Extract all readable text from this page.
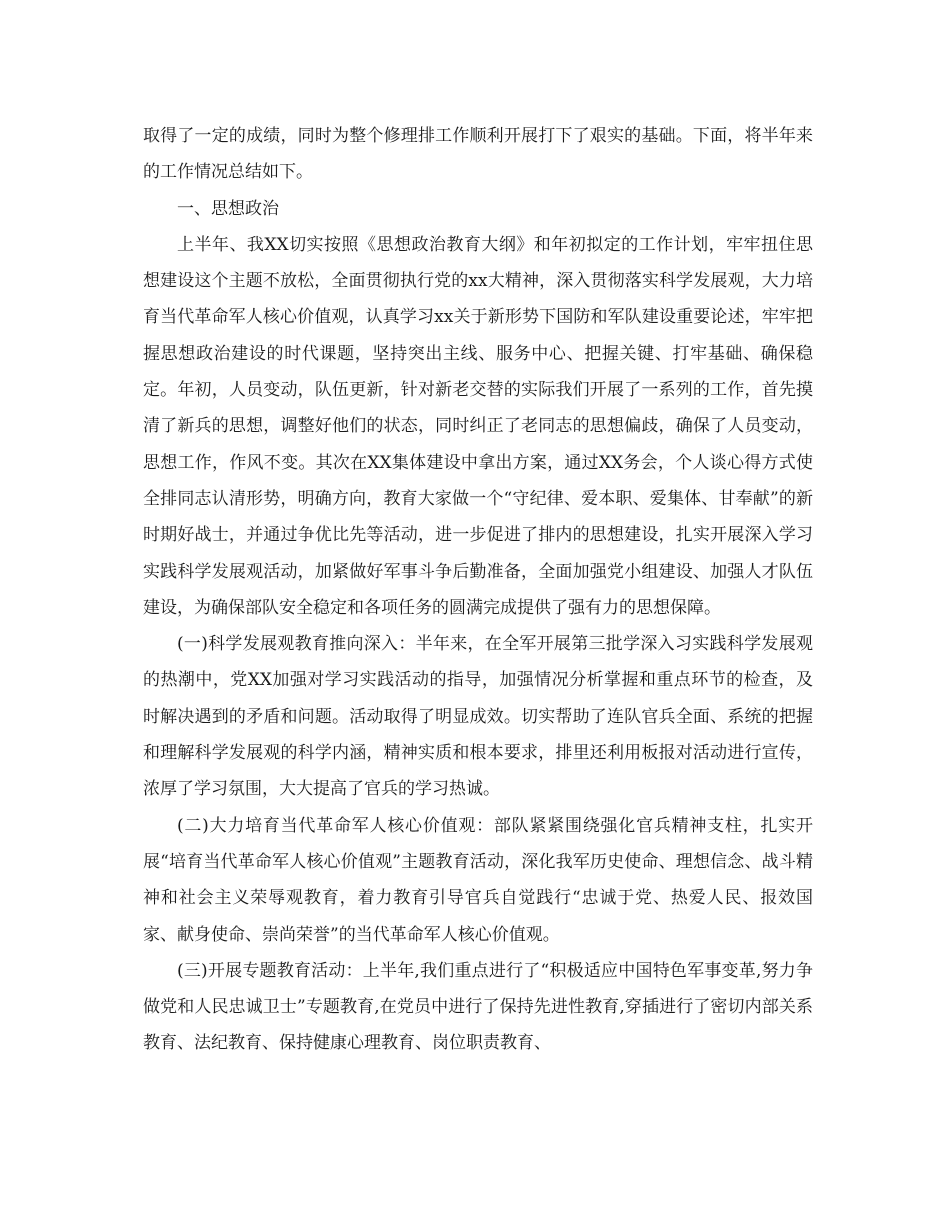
取得了一定的成绩，同时为整个修理排工作顺利开展打下了艰实的基础。下面，将半年来的工作情况总结如下。

一、思想政治

上半年、我XX切实按照《思想政治教育大纲》和年初拟定的工作计划，牢牢扭住思想建设这个主题不放松，全面贯彻执行党的xx大精神，深入贯彻落实科学发展观，大力培育当代革命军人核心价值观，认真学习xx关于新形势下国防和军队建设重要论述，牢牢把握思想政治建设的时代课题，坚持突出主线、服务中心、把握关键、打牢基础、确保稳定。年初，人员变动，队伍更新，针对新老交替的实际我们开展了一系列的工作，首先摸清了新兵的思想，调整好他们的状态，同时纠正了老同志的思想偏歧，确保了人员变动，思想工作，作风不变。其次在XX集体建设中拿出方案，通过XX务会，个人谈心得方式使全排同志认清形势，明确方向，教育大家做一个“守纪律、爱本职、爱集体、甘奉献”的新时期好战士，并通过争优比先等活动，进一步促进了排内的思想建设，扎实开展深入学习实践科学发展观活动，加紧做好军事斗争后勤准备，全面加强党小组建设、加强人才队伍建设，为确保部队安全稳定和各项任务的圆满完成提供了强有力的思想保障。

(一)科学发展观教育推向深入：半年来，在全军开展第三批学深入习实践科学发展观的热潮中，党XX加强对学习实践活动的指导，加强情况分析掌握和重点环节的检查，及时解决遇到的矛盾和问题。活动取得了明显成效。切实帮助了连队官兵全面、系统的把握和理解科学发展观的科学内涵，精神实质和根本要求，排里还利用板报对活动进行宣传，浓厚了学习氛围，大大提高了官兵的学习热诚。

(二)大力培育当代革命军人核心价值观：部队紧紧围绕强化官兵精神支柱，扎实开展“培育当代革命军人核心价值观”主题教育活动，深化我军历史使命、理想信念、战斗精神和社会主义荣辱观教育，着力教育引导官兵自觉践行“忠诚于党、热爱人民、报效国家、献身使命、崇尚荣誉”的当代革命军人核心价值观。

(三)开展专题教育活动：上半年,我们重点进行了“积极适应中国特色军事变革,努力争做党和人民忠诚卫士”专题教育,在党员中进行了保持先进性教育,穿插进行了密切内部关系教育、法纪教育、保持健康心理教育、岗位职责教育、
